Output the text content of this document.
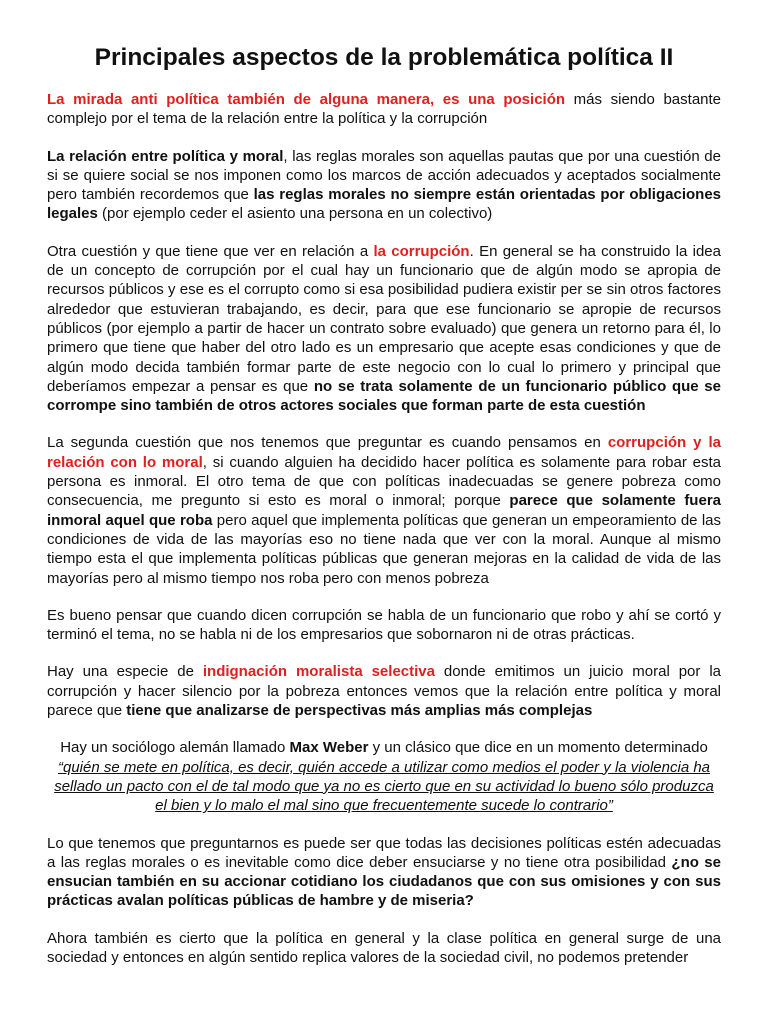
Principales aspectos de la problemática política II

La mirada anti política también de alguna manera, es una posición más siendo bastante complejo por el tema de la relación entre la política y la corrupción

La relación entre política y moral, las reglas morales son aquellas pautas que por una cuestión de si se quiere social se nos imponen como los marcos de acción adecuados y aceptados socialmente pero también recordemos que las reglas morales no siempre están orientadas por obligaciones legales (por ejemplo ceder el asiento una persona en un colectivo)

Otra cuestión y que tiene que ver en relación a la corrupción. En general se ha construido la idea de un concepto de corrupción por el cual hay un funcionario que de algún modo se apropia de recursos públicos y ese es el corrupto como si esa posibilidad pudiera existir per se sin otros factores alrededor que estuvieran trabajando, es decir, para que ese funcionario se apropie de recursos públicos (por ejemplo a partir de hacer un contrato sobre evaluado) que genera un retorno para él, lo primero que tiene que haber del otro lado es un empresario que acepte esas condiciones y que de algún modo decida también formar parte de este negocio con lo cual lo primero y principal que deberíamos empezar a pensar es que no se trata solamente de un funcionario público que se corrompe sino también de otros actores sociales que forman parte de esta cuestión

La segunda cuestión que nos tenemos que preguntar es cuando pensamos en corrupción y la relación con lo moral, si cuando alguien ha decidido hacer política es solamente para robar esta persona es inmoral. El otro tema de que con políticas inadecuadas se genere pobreza como consecuencia, me pregunto si esto es moral o inmoral; porque parece que solamente fuera inmoral aquel que roba pero aquel que implementa políticas que generan un empeoramiento de las condiciones de vida de las mayorías eso no tiene nada que ver con la moral. Aunque al mismo tiempo esta el que implementa políticas públicas que generan mejoras en la calidad de vida de las mayorías pero al mismo tiempo nos roba pero con menos pobreza

Es bueno pensar que cuando dicen corrupción se habla de un funcionario que robo y ahí se cortó y terminó el tema, no se habla ni de los empresarios que sobornaron ni de otras prácticas.

Hay una especie de indignación moralista selectiva donde emitimos un juicio moral por la corrupción y hacer silencio por la pobreza entonces vemos que la relación entre política y moral parece que tiene que analizarse de perspectivas más amplias más complejas

Hay un sociólogo alemán llamado Max Weber y un clásico que dice en un momento determinado “quién se mete en política, es decir, quién accede a utilizar como medios el poder y la violencia ha sellado un pacto con el de tal modo que ya no es cierto que en su actividad lo bueno sólo produzca el bien y lo malo el mal sino que frecuentemente sucede lo contrario”

Lo que tenemos que preguntarnos es puede ser que todas las decisiones políticas estén adecuadas a las reglas morales o es inevitable como dice deber ensuciarse y no tiene otra posibilidad ¿no se ensucian también en su accionar cotidiano los ciudadanos que con sus omisiones y con sus prácticas avalan políticas públicas de hambre y de miseria?

Ahora también es cierto que la política en general y la clase política en general surge de una sociedad y entonces en algún sentido replica valores de la sociedad civil, no podemos pretender
